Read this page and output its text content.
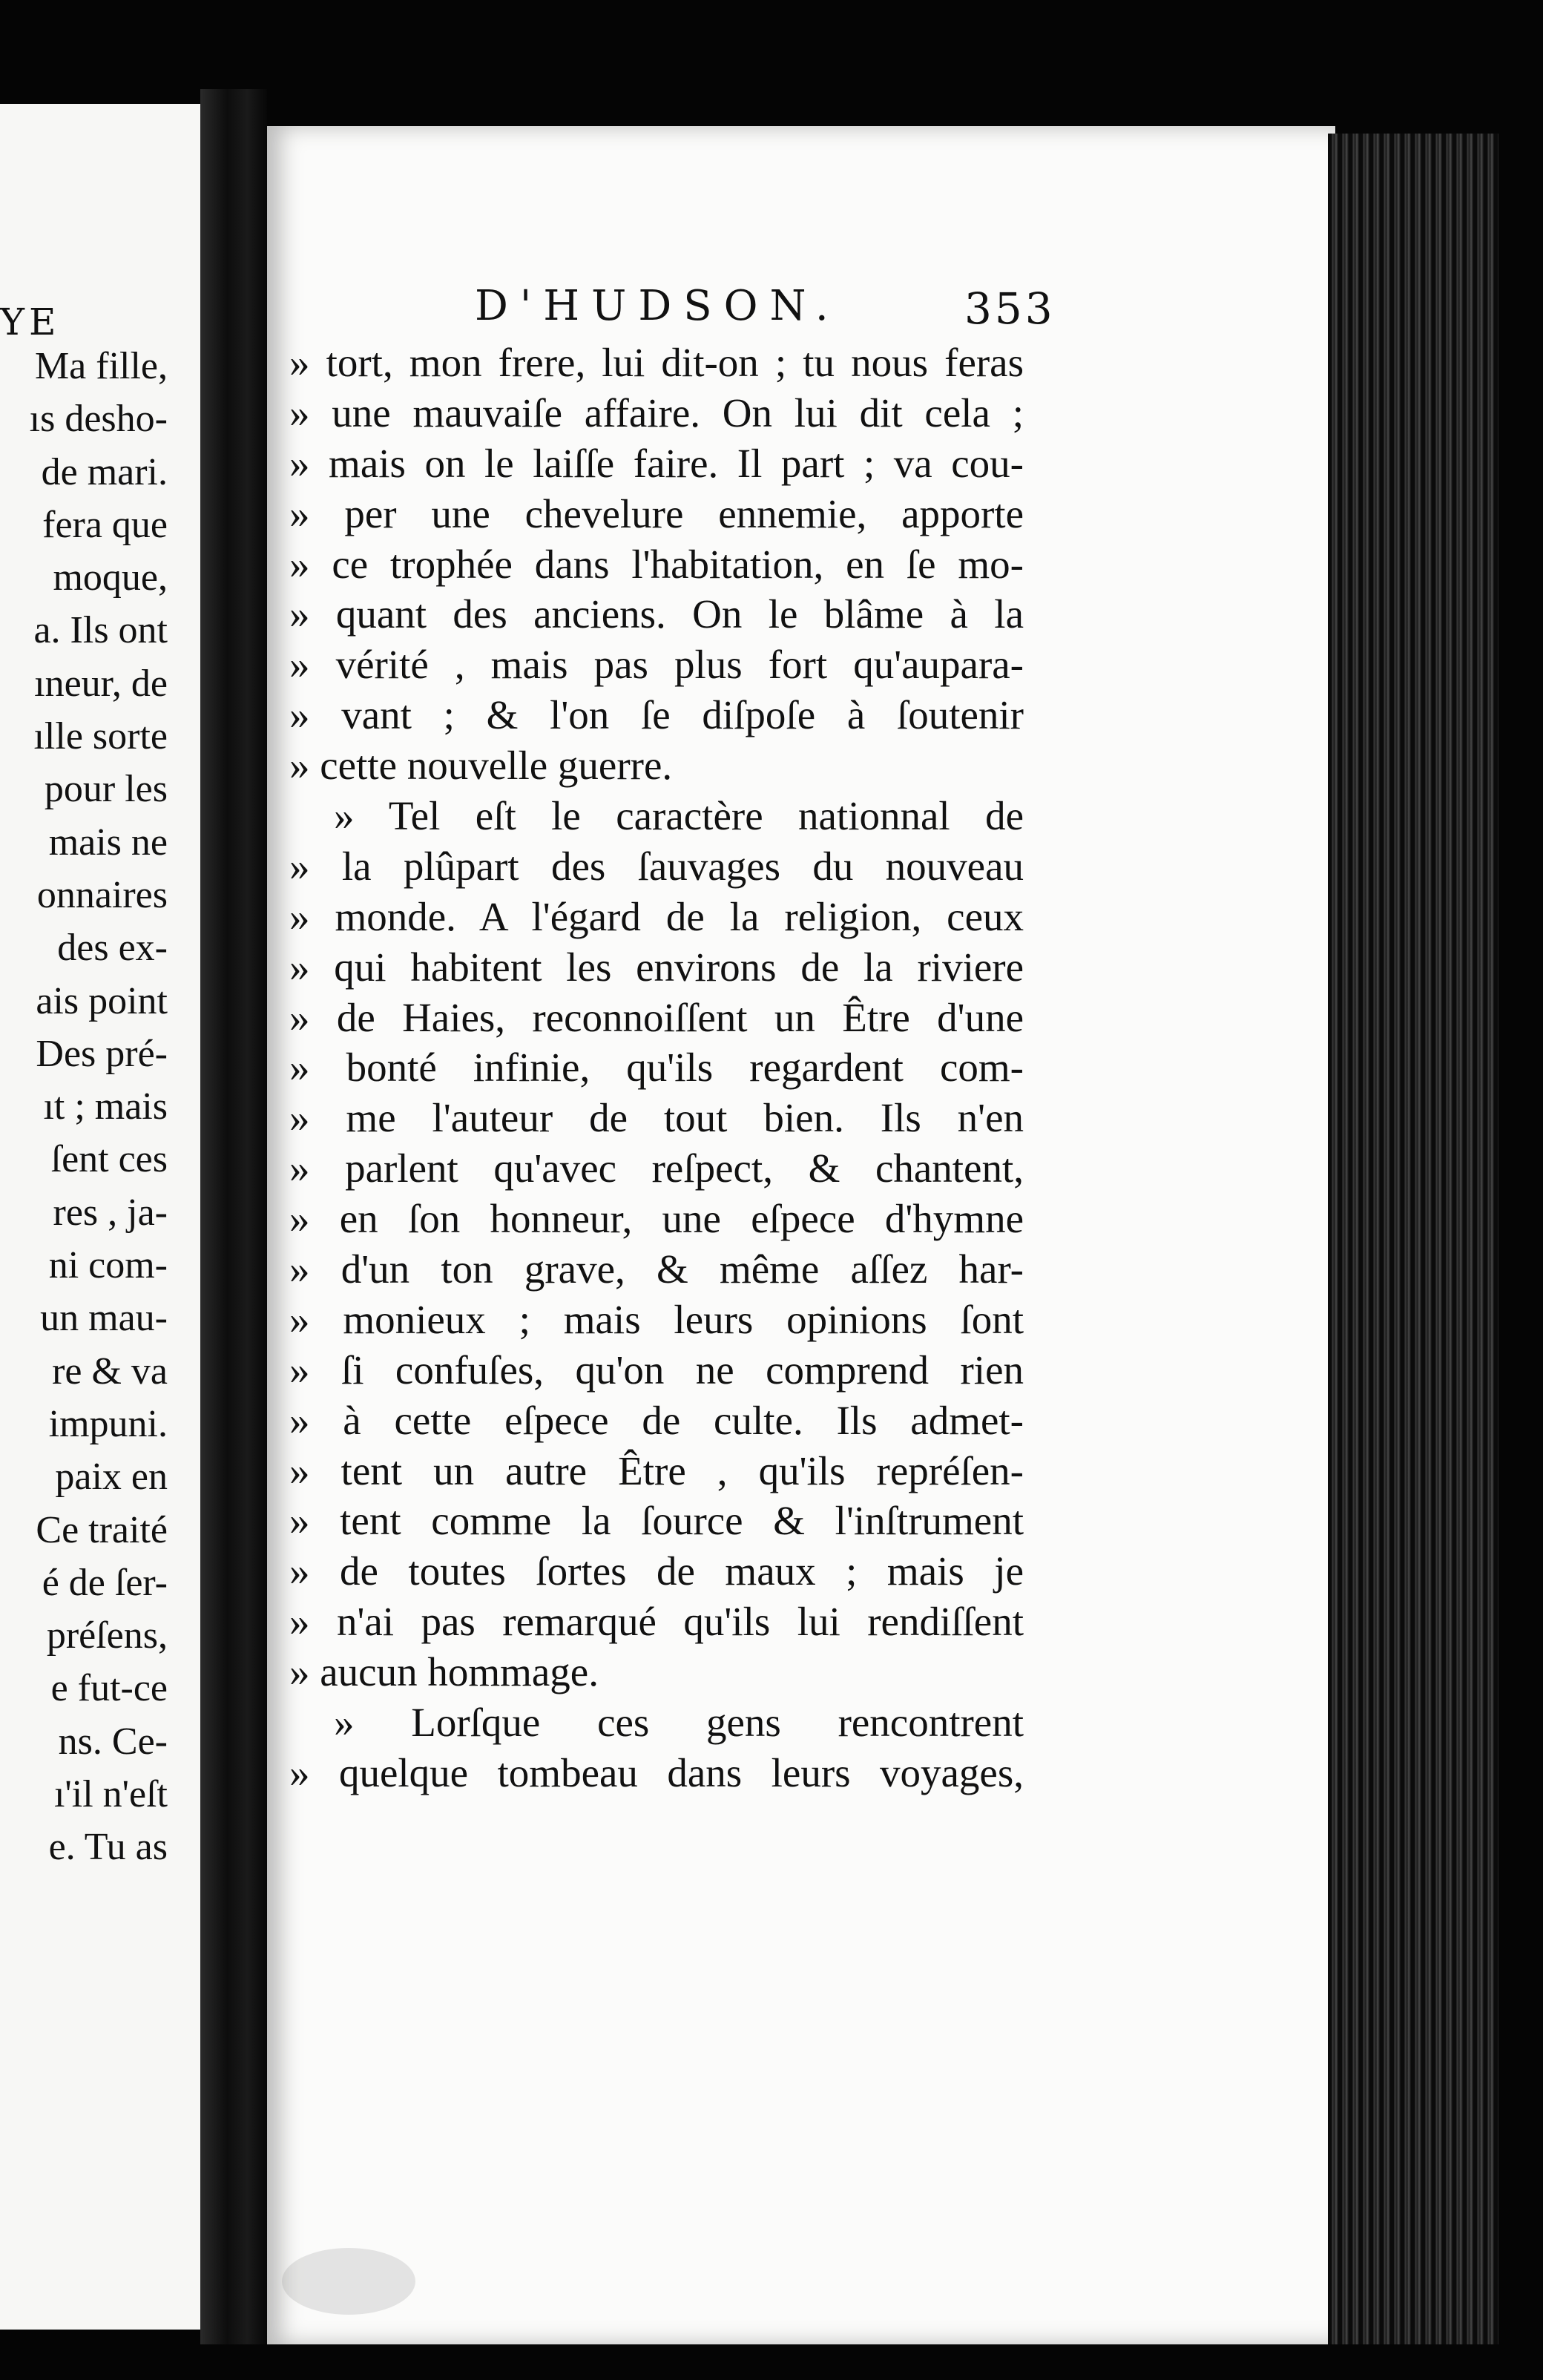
YE
Ma fille,
ıs desho-
de mari.
fera que
moque,
a. Ils ont
ıneur, de
ılle sorte
pour les
mais ne
onnaires
des ex-
ais point
Des pré-
ıt ; mais
ſent ces
res , ja-
ni com-
un mau-
re & va
impuni.
paix en
Ce traité
é de ſer-
préſens,
e fut-ce
ns. Ce-
ı'il n'eſt
e. Tu as
D'HUDSON.	353
» tort, mon frere, lui dit-on ; tu nous feras
» une mauvaiſe affaire. On lui dit cela ;
» mais on le laiſſe faire. Il part ; va cou-
» per une chevelure ennemie, apporte
» ce trophée dans l'habitation, en ſe mo-
» quant des anciens. On le blâme à la
» vérité , mais pas plus fort qu'aupara-
» vant ; & l'on ſe diſpoſe à ſoutenir
» cette nouvelle guerre.
» Tel eſt le caractère nationnal de
» la plûpart des ſauvages du nouveau
» monde. A l'égard de la religion, ceux
» qui habitent les environs de la riviere
» de Haies, reconnoiſſent un Être d'une
» bonté infinie, qu'ils regardent com-
» me l'auteur de tout bien. Ils n'en
» parlent qu'avec reſpect, & chantent,
» en ſon honneur, une eſpece d'hymne
» d'un ton grave, & même aſſez har-
» monieux ; mais leurs opinions ſont
» ſi confuſes, qu'on ne comprend rien
» à cette eſpece de culte. Ils admet-
» tent un autre Être , qu'ils repréſen-
» tent comme la ſource & l'inſtrument
» de toutes ſortes de maux ; mais je
» n'ai pas remarqué qu'ils lui rendiſſent
» aucun hommage.
» Lorſque ces gens rencontrent
» quelque tombeau dans leurs voyages,
